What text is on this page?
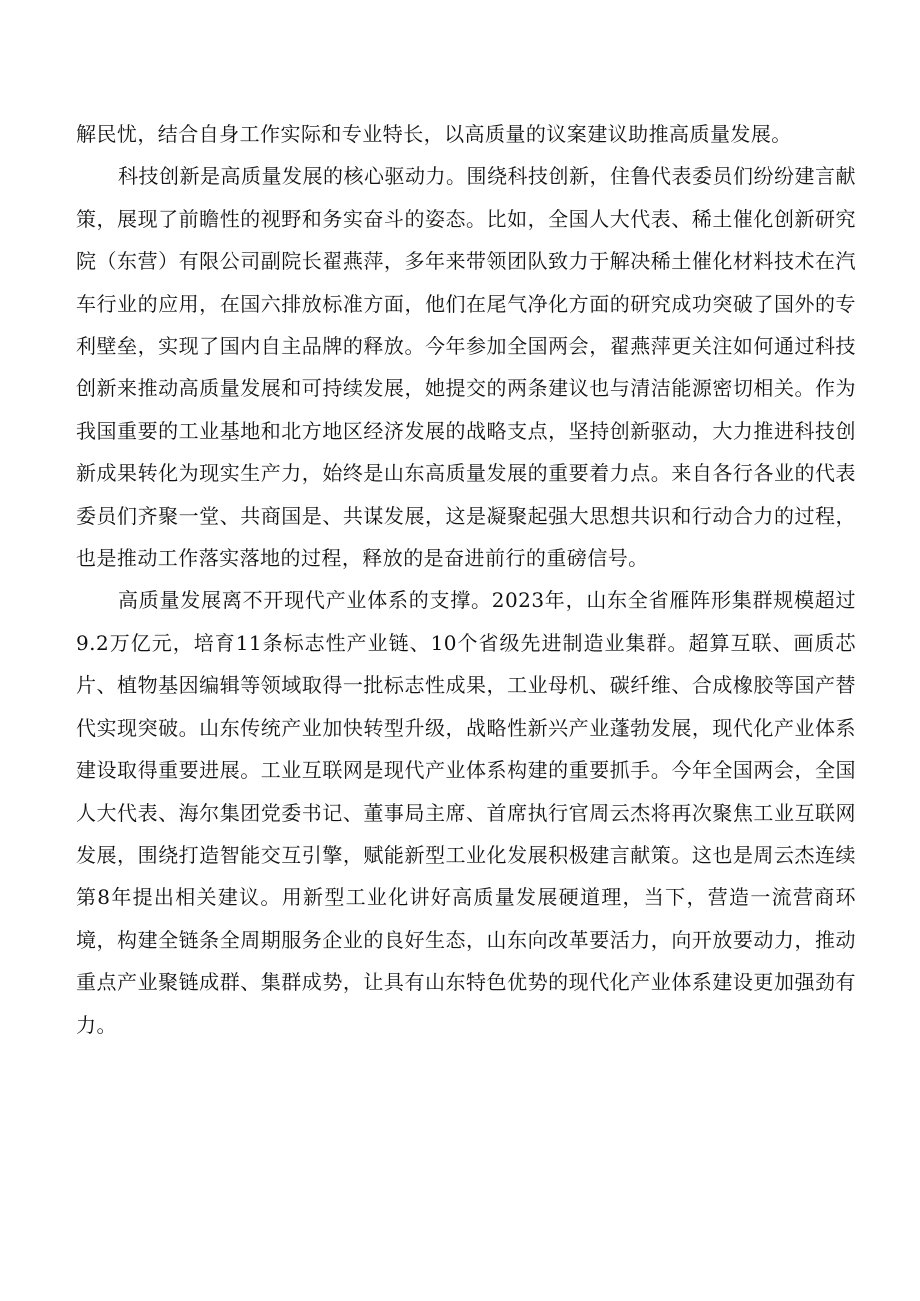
解民忧，结合自身工作实际和专业特长，以高质量的议案建议助推高质量发展。

科技创新是高质量发展的核心驱动力。围绕科技创新，住鲁代表委员们纷纷建言献策，展现了前瞻性的视野和务实奋斗的姿态。比如，全国人大代表、稀土催化创新研究院（东营）有限公司副院长翟燕萍，多年来带领团队致力于解决稀土催化材料技术在汽车行业的应用，在国六排放标准方面，他们在尾气净化方面的研究成功突破了国外的专利壁垒，实现了国内自主品牌的释放。今年参加全国两会，翟燕萍更关注如何通过科技创新来推动高质量发展和可持续发展，她提交的两条建议也与清洁能源密切相关。作为我国重要的工业基地和北方地区经济发展的战略支点，坚持创新驱动，大力推进科技创新成果转化为现实生产力，始终是山东高质量发展的重要着力点。来自各行各业的代表委员们齐聚一堂、共商国是、共谋发展，这是凝聚起强大思想共识和行动合力的过程，也是推动工作落实落地的过程，释放的是奋进前行的重磅信号。

高质量发展离不开现代产业体系的支撑。2023年，山东全省雁阵形集群规模超过9.2万亿元，培育11条标志性产业链、10个省级先进制造业集群。超算互联、画质芯片、植物基因编辑等领域取得一批标志性成果，工业母机、碳纤维、合成橡胶等国产替代实现突破。山东传统产业加快转型升级，战略性新兴产业蓬勃发展，现代化产业体系建设取得重要进展。工业互联网是现代产业体系构建的重要抓手。今年全国两会，全国人大代表、海尔集团党委书记、董事局主席、首席执行官周云杰将再次聚焦工业互联网发展，围绕打造智能交互引擎，赋能新型工业化发展积极建言献策。这也是周云杰连续第8年提出相关建议。用新型工业化讲好高质量发展硬道理，当下，营造一流营商环境，构建全链条全周期服务企业的良好生态，山东向改革要活力，向开放要动力，推动重点产业聚链成群、集群成势，让具有山东特色优势的现代化产业体系建设更加强劲有力。
